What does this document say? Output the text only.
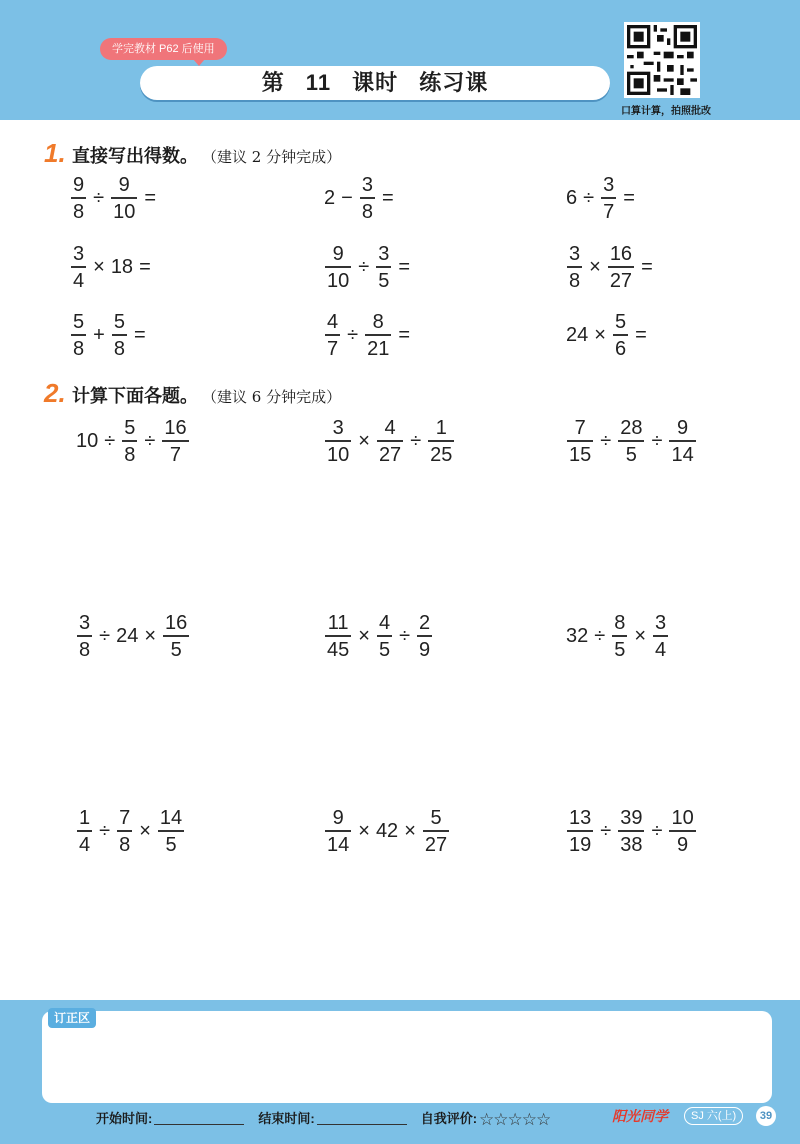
学完教材 P62 后使用
第 11 课时 练习课
口算计算，拍照批改
1. 直接写出得数。 （建议 2 分钟完成）
$\frac{9}{8} \div \frac{9}{10}$ =	$2 - \frac{3}{8}$ =	$6 \div \frac{3}{7}$ =
$\frac{3}{4} \times 18$ =	$\frac{9}{10} \div \frac{3}{5}$ =	$\frac{3}{8} \times \frac{16}{27}$ =
$\frac{5}{8} + \frac{5}{8}$ =	$\frac{4}{7} \div \frac{8}{21}$ =	$24 \times \frac{5}{6}$ =
2. 计算下面各题。 （建议 6 分钟完成）
$10 \div \frac{5}{8} \div \frac{16}{7}$	$\frac{3}{10} \times \frac{4}{27} \div \frac{1}{25}$	$\frac{7}{15} \div \frac{28}{5} \div \frac{9}{14}$
$\frac{3}{8} \div 24 \times \frac{16}{5}$	$\frac{11}{45} \times \frac{4}{5} \div \frac{2}{9}$	$32 \div \frac{8}{5} \times \frac{3}{4}$
$\frac{1}{4} \div \frac{7}{8} \times \frac{14}{5}$	$\frac{9}{14} \times 42 \times \frac{5}{27}$	$\frac{13}{19} \div \frac{39}{38} \div \frac{10}{9}$
订正区
开始时间:	结束时间:	自我评价: ☆☆☆☆☆	阳光同学	SJ 六(上)	39
